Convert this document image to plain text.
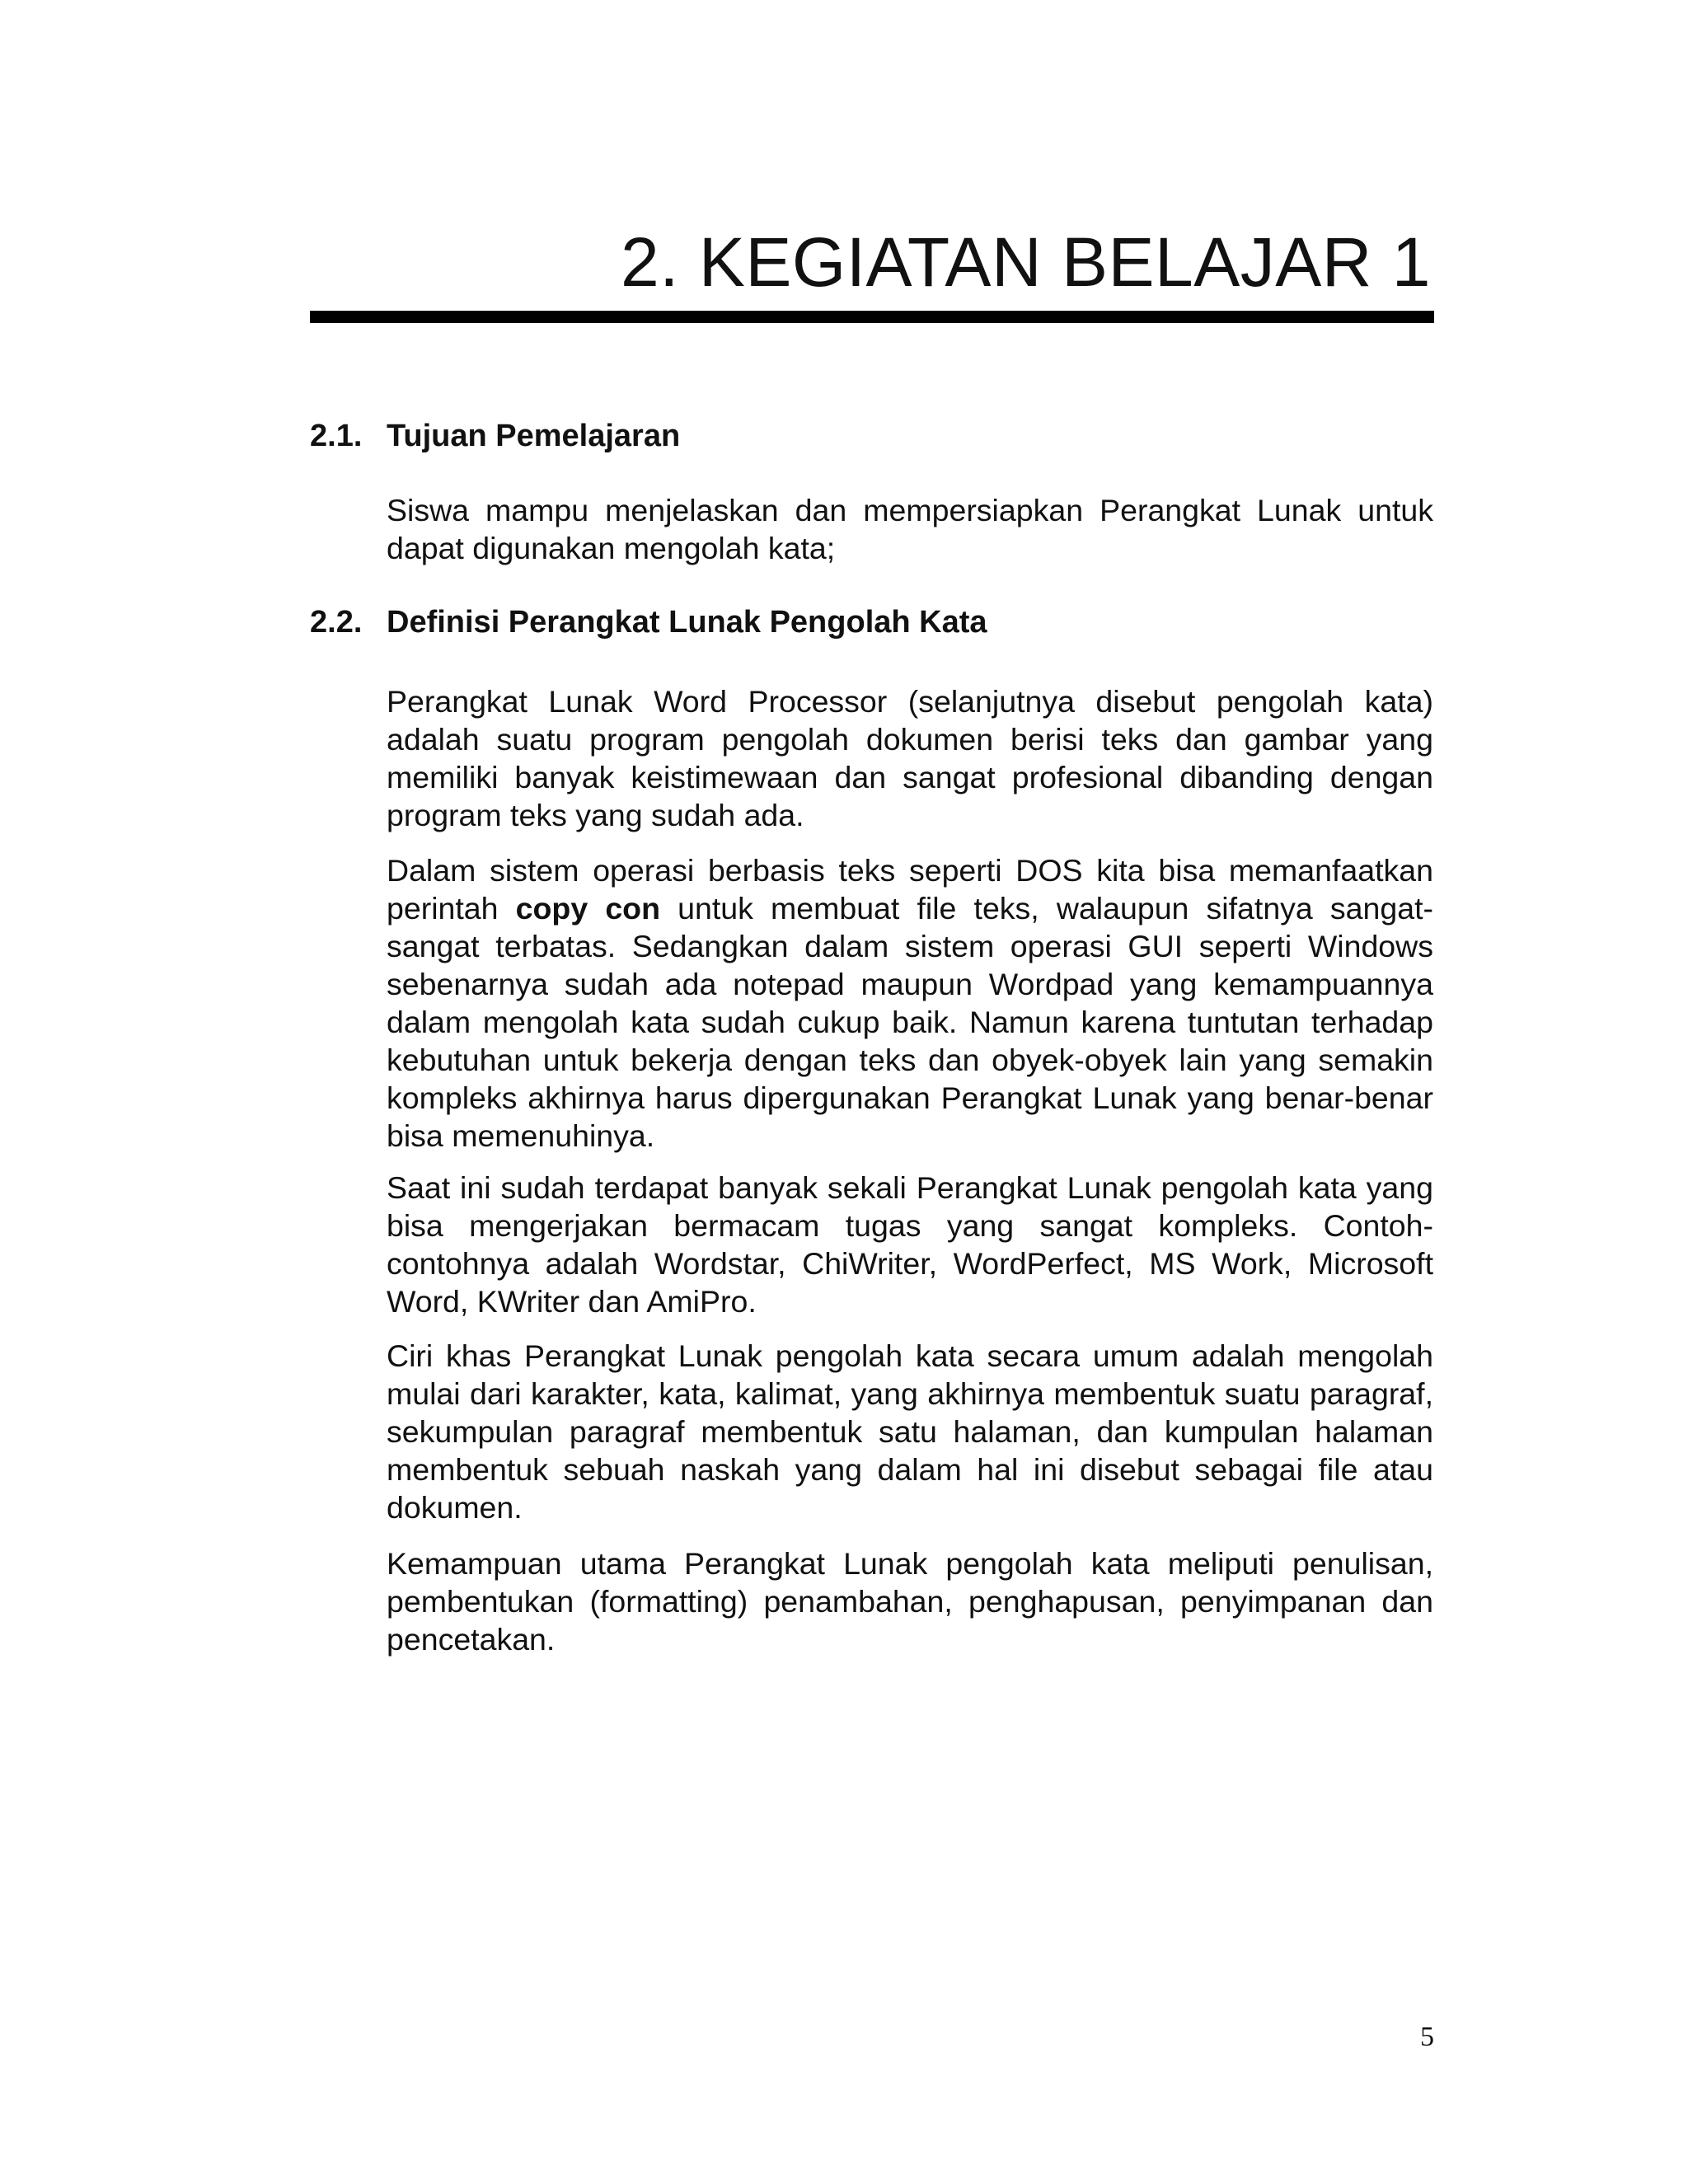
2. KEGIATAN BELAJAR 1
2.1. Tujuan Pemelajaran

Siswa mampu menjelaskan dan mempersiapkan Perangkat Lunak untuk dapat digunakan mengolah kata;

2.2. Definisi Perangkat Lunak Pengolah Kata

Perangkat Lunak Word Processor (selanjutnya disebut pengolah kata) adalah suatu program pengolah dokumen berisi teks dan gambar yang memiliki banyak keistimewaan dan sangat profesional dibanding dengan program teks yang sudah ada.

Dalam sistem operasi berbasis teks seperti DOS kita bisa memanfaatkan perintah copy con untuk membuat file teks, walaupun sifatnya sangat-sangat terbatas. Sedangkan dalam sistem operasi GUI seperti Windows sebenarnya sudah ada notepad maupun Wordpad yang kemampuannya dalam mengolah kata sudah cukup baik. Namun karena tuntutan terhadap kebutuhan untuk bekerja dengan teks dan obyek-obyek lain yang semakin kompleks akhirnya harus dipergunakan Perangkat Lunak yang benar-benar bisa memenuhinya.

Saat ini sudah terdapat banyak sekali Perangkat Lunak pengolah kata yang bisa mengerjakan bermacam tugas yang sangat kompleks. Contoh-contohnya adalah Wordstar, ChiWriter, WordPerfect, MS Work, Microsoft Word, KWriter dan AmiPro.

Ciri khas Perangkat Lunak pengolah kata secara umum adalah mengolah mulai dari karakter, kata, kalimat, yang akhirnya membentuk suatu paragraf, sekumpulan paragraf membentuk satu halaman, dan kumpulan halaman membentuk sebuah naskah yang dalam hal ini disebut sebagai file atau dokumen.

Kemampuan utama Perangkat Lunak pengolah kata meliputi penulisan, pembentukan (formatting) penambahan, penghapusan, penyimpanan dan pencetakan.

5
